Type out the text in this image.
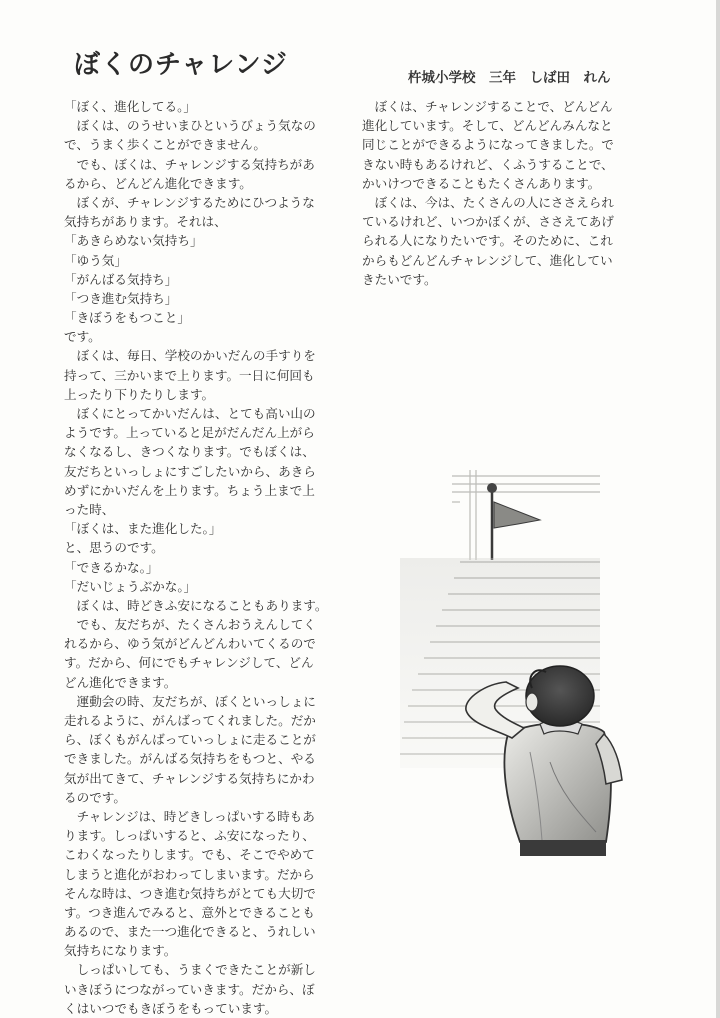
ぼくのチャレンジ	杵城小学校　三年　しば田　れん
「ぼく、進化してる。」
　ぼくは、のうせいまひというびょう気なの
で、うまく歩くことができません。
　でも、ぼくは、チャレンジする気持ちがあ
るから、どんどん進化できます。
　ぼくが、チャレンジするためにひつような
気持ちがあります。それは、
「あきらめない気持ち」
「ゆう気」
「がんばる気持ち」
「つき進む気持ち」
「きぼうをもつこと」
です。
　ぼくは、毎日、学校のかいだんの手すりを
持って、三かいまで上ります。一日に何回も
上ったり下りたりします。
　ぼくにとってかいだんは、とても高い山の
ようです。上っていると足がだんだん上がら
なくなるし、きつくなります。でもぼくは、
友だちといっしょにすごしたいから、あきら
めずにかいだんを上ります。ちょう上まで上
った時、
「ぼくは、また進化した。」
と、思うのです。
「できるかな。」
「だいじょうぶかな。」
　ぼくは、時どきふ安になることもあります。
　でも、友だちが、たくさんおうえんしてく
れるから、ゆう気がどんどんわいてくるので
す。だから、何にでもチャレンジして、どん
どん進化できます。
　運動会の時、友だちが、ぼくといっしょに
走れるように、がんばってくれました。だか
ら、ぼくもがんばっていっしょに走ることが
できました。がんばる気持ちをもつと、やる
気が出てきて、チャレンジする気持ちにかわ
るのです。
　チャレンジは、時どきしっぱいする時もあ
ります。しっぱいすると、ふ安になったり、
こわくなったりします。でも、そこでやめて
しまうと進化がおわってしまいます。だから
そんな時は、つき進む気持ちがとても大切で
す。つき進んでみると、意外とできることも
あるので、また一つ進化できると、うれしい
気持ちになります。
　しっぱいしても、うまくできたことが新し
いきぼうにつながっていきます。だから、ぼ
くはいつでもきぼうをもっています。
　ぼくは、チャレンジすることで、どんどん
進化しています。そして、どんどんみんなと
同じことができるようになってきました。で
きない時もあるけれど、くふうすることで、
かいけつできることもたくさんあります。
　ぼくは、今は、たくさんの人にささえられ
ているけれど、いつかぼくが、ささえてあげ
られる人になりたいです。そのために、これ
からもどんどんチャレンジして、進化してい
きたいです。
